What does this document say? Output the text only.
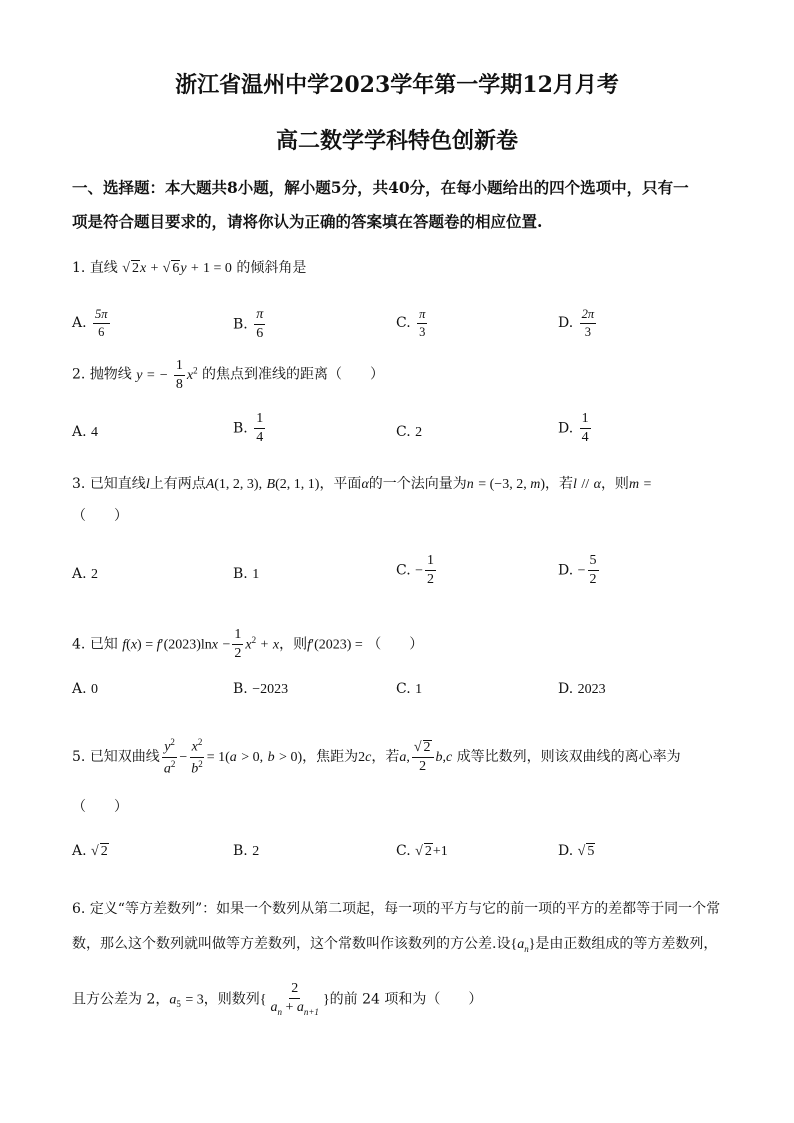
浙江省温州中学2023学年第一学期12月月考
高二数学学科特色创新卷
一、选择题：本大题共8小题，解小题5分，共40分，在每小题给出的四个选项中，只有一
项是符合题目要求的，请将你认为正确的答案填在答题卷的相应位置.
1. 直线 √ 2x + √ 6y + 1 = 0 的倾斜角是
A. $\frac{5\pi}{6}$	B. $\frac{\pi}{6}$	C. $\frac{\pi}{3}$	D. $\frac{2\pi}{3}$
2. 抛物线 y = − $\frac{1}{8} x^2$ 的焦点到准线的距离（　　）
A. 4	B. $\frac{1}{4}$	C. 2	D. $\frac{1}{4}$
3. 已知直线l上有两点A(1, 2, 3), B(2, 1, 1)，平面α的一个法向量为n = (−3, 2, m)，若l // α，则m =
（　　）
A. 2	B. 1	C. − $\frac{1}{2}$	D. − $\frac{5}{2}$
4. 已知 $f(x) = f'(2023)\ln x - \frac{1}{2} x^2 + x$，则f′(2023) = （　　）
A. 0	B. −2023	C. 1	D. 2023
5. 已知双曲线 $\frac{y^2}{a^2} - \frac{x^2}{b^2} = 1(a > 0$, b > 0)，焦距为2c，若a, $\frac{√ 2}{2} b,c$ 成等比数列，则该双曲线的离心率为
（　　）
A. √ 2	B. 2	C. √ 2+1	D. √ 5
6. 定义“等方差数列”：如果一个数列从第二项起，每一项的平方与它的前一项的平方的差都等于同一个常
数，那么这个数列就叫做等方差数列，这个常数叫作该数列的方公差.设$\{a_n\}$是由正数组成的等方差数列，
且方公差为 2，$a_5 = 3$，则数列{ $\frac{2}{a_n + a_{n+1}}$ }的前 24 项和为（　　）
